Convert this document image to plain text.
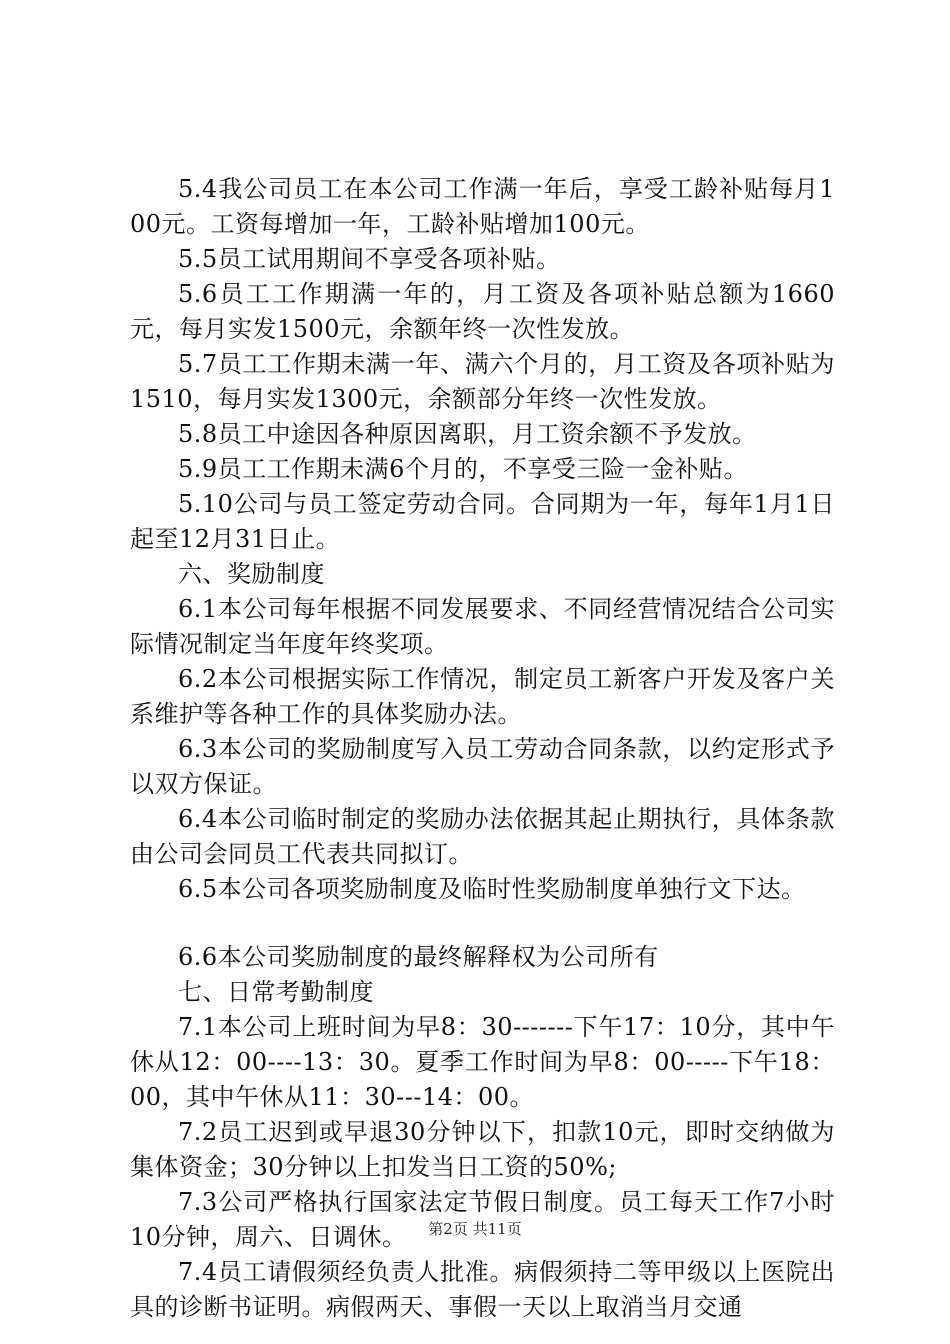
5.4我公司员工在本公司工作满一年后，享受工龄补贴每月100元。工资每增加一年，工龄补贴增加100元。

5.5员工试用期间不享受各项补贴。

5.6员工工作期满一年的，月工资及各项补贴总额为1660元，每月实发1500元，余额年终一次性发放。

5.7员工工作期未满一年、满六个月的，月工资及各项补贴为1510，每月实发1300元，余额部分年终一次性发放。

5.8员工中途因各种原因离职，月工资余额不予发放。

5.9员工工作期未满6个月的，不享受三险一金补贴。

5.10公司与员工签定劳动合同。合同期为一年，每年1月1日起至12月31日止。

六、奖励制度

6.1本公司每年根据不同发展要求、不同经营情况结合公司实际情况制定当年度年终奖项。

6.2本公司根据实际工作情况，制定员工新客户开发及客户关系维护等各种工作的具体奖励办法。

6.3本公司的奖励制度写入员工劳动合同条款，以约定形式予以双方保证。

6.4本公司临时制定的奖励办法依据其起止期执行，具体条款由公司会同员工代表共同拟订。

6.5本公司各项奖励制度及临时性奖励制度单独行文下达。

6.6本公司奖励制度的最终解释权为公司所有

七、日常考勤制度

7.1本公司上班时间为早8：30-------下午17：10分，其中午休从12：00----13：30。夏季工作时间为早8：00-----下午18：00，其中午休从11：30---14：00。

7.2员工迟到或早退30分钟以下，扣款10元，即时交纳做为集体资金；30分钟以上扣发当日工资的50%;

7.3公司严格执行国家法定节假日制度。员工每天工作7小时10分钟，周六、日调休。

7.4员工请假须经负责人批准。病假须持二等甲级以上医院出具的诊断书证明。病假两天、事假一天以上取消当月交通

第2页 共11页
